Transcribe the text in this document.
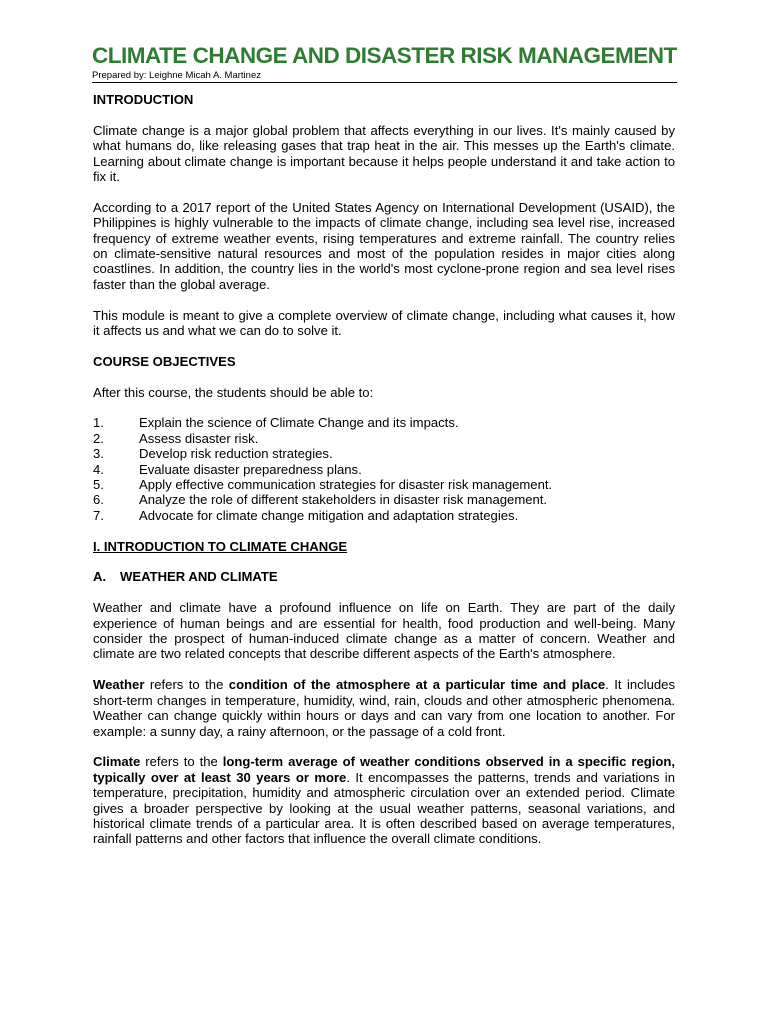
CLIMATE CHANGE AND DISASTER RISK MANAGEMENT
Prepared by: Leighne Micah A. Martinez

INTRODUCTION

Climate change is a major global problem that affects everything in our lives. It's mainly caused by what humans do, like releasing gases that trap heat in the air. This messes up the Earth's climate. Learning about climate change is important because it helps people understand it and take action to fix it.

According to a 2017 report of the United States Agency on International Development (USAID), the Philippines is highly vulnerable to the impacts of climate change, including sea level rise, increased frequency of extreme weather events, rising temperatures and extreme rainfall. The country relies on climate-sensitive natural resources and most of the population resides in major cities along coastlines. In addition, the country lies in the world's most cyclone-prone region and sea level rises faster than the global average.

This module is meant to give a complete overview of climate change, including what causes it, how it affects us and what we can do to solve it.

COURSE OBJECTIVES

After this course, the students should be able to:

1.	Explain the science of Climate Change and its impacts.
2.	Assess disaster risk.
3.	Develop risk reduction strategies.
4.	Evaluate disaster preparedness plans.
5.	Apply effective communication strategies for disaster risk management.
6.	Analyze the role of different stakeholders in disaster risk management.
7.	Advocate for climate change mitigation and adaptation strategies.

I. INTRODUCTION TO CLIMATE CHANGE

A. WEATHER AND CLIMATE

Weather and climate have a profound influence on life on Earth. They are part of the daily experience of human beings and are essential for health, food production and well-being. Many consider the prospect of human-induced climate change as a matter of concern. Weather and climate are two related concepts that describe different aspects of the Earth's atmosphere.

Weather refers to the condition of the atmosphere at a particular time and place. It includes short-term changes in temperature, humidity, wind, rain, clouds and other atmospheric phenomena. Weather can change quickly within hours or days and can vary from one location to another. For example: a sunny day, a rainy afternoon, or the passage of a cold front.

Climate refers to the long-term average of weather conditions observed in a specific region, typically over at least 30 years or more. It encompasses the patterns, trends and variations in temperature, precipitation, humidity and atmospheric circulation over an extended period. Climate gives a broader perspective by looking at the usual weather patterns, seasonal variations, and historical climate trends of a particular area. It is often described based on average temperatures, rainfall patterns and other factors that influence the overall climate conditions.
